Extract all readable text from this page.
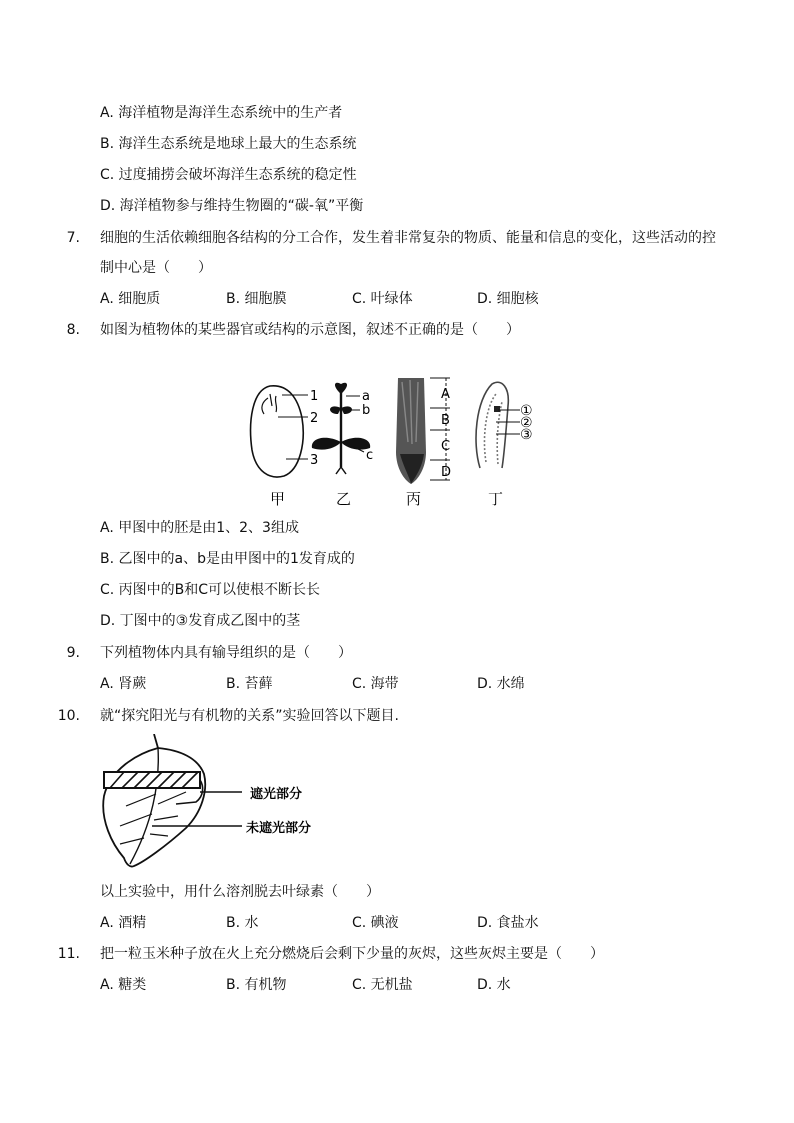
A. 海洋植物是海洋生态系统中的生产者
B. 海洋生态系统是地球上最大的生态系统
C. 过度捕捞会破坏海洋生态系统的稳定性
D. 海洋植物参与维持生物圈的“碳-氧”平衡
7. 细胞的生活依赖细胞各结构的分工合作，发生着非常复杂的物质、能量和信息的变化，这些活动的控
制中心是（　　）
A. 细胞质	B. 细胞膜	C. 叶绿体	D. 细胞核
8. 如图为植物体的某些器官或结构的示意图，叙述不正确的是（　　）
1
2
3
a
b
c
A
B
C
D
①
②
③
甲	乙	丙	丁
A. 甲图中的胚是由1、2、3组成
B. 乙图中的a、b是由甲图中的1发育成的
C. 丙图中的B和C可以使根不断长长
D. 丁图中的③发育成乙图中的茎
9. 下列植物体内具有输导组织的是（　　）
A. 肾蕨	B. 苔藓	C. 海带	D. 水绵
10. 就“探究阳光与有机物的关系”实验回答以下题目.
遮光部分
未遮光部分
以上实验中，用什么溶剂脱去叶绿素（　　）
A. 酒精	B. 水	C. 碘液	D. 食盐水
11. 把一粒玉米种子放在火上充分燃烧后会剩下少量的灰烬，这些灰烬主要是（　　）
A. 糖类	B. 有机物	C. 无机盐	D. 水
